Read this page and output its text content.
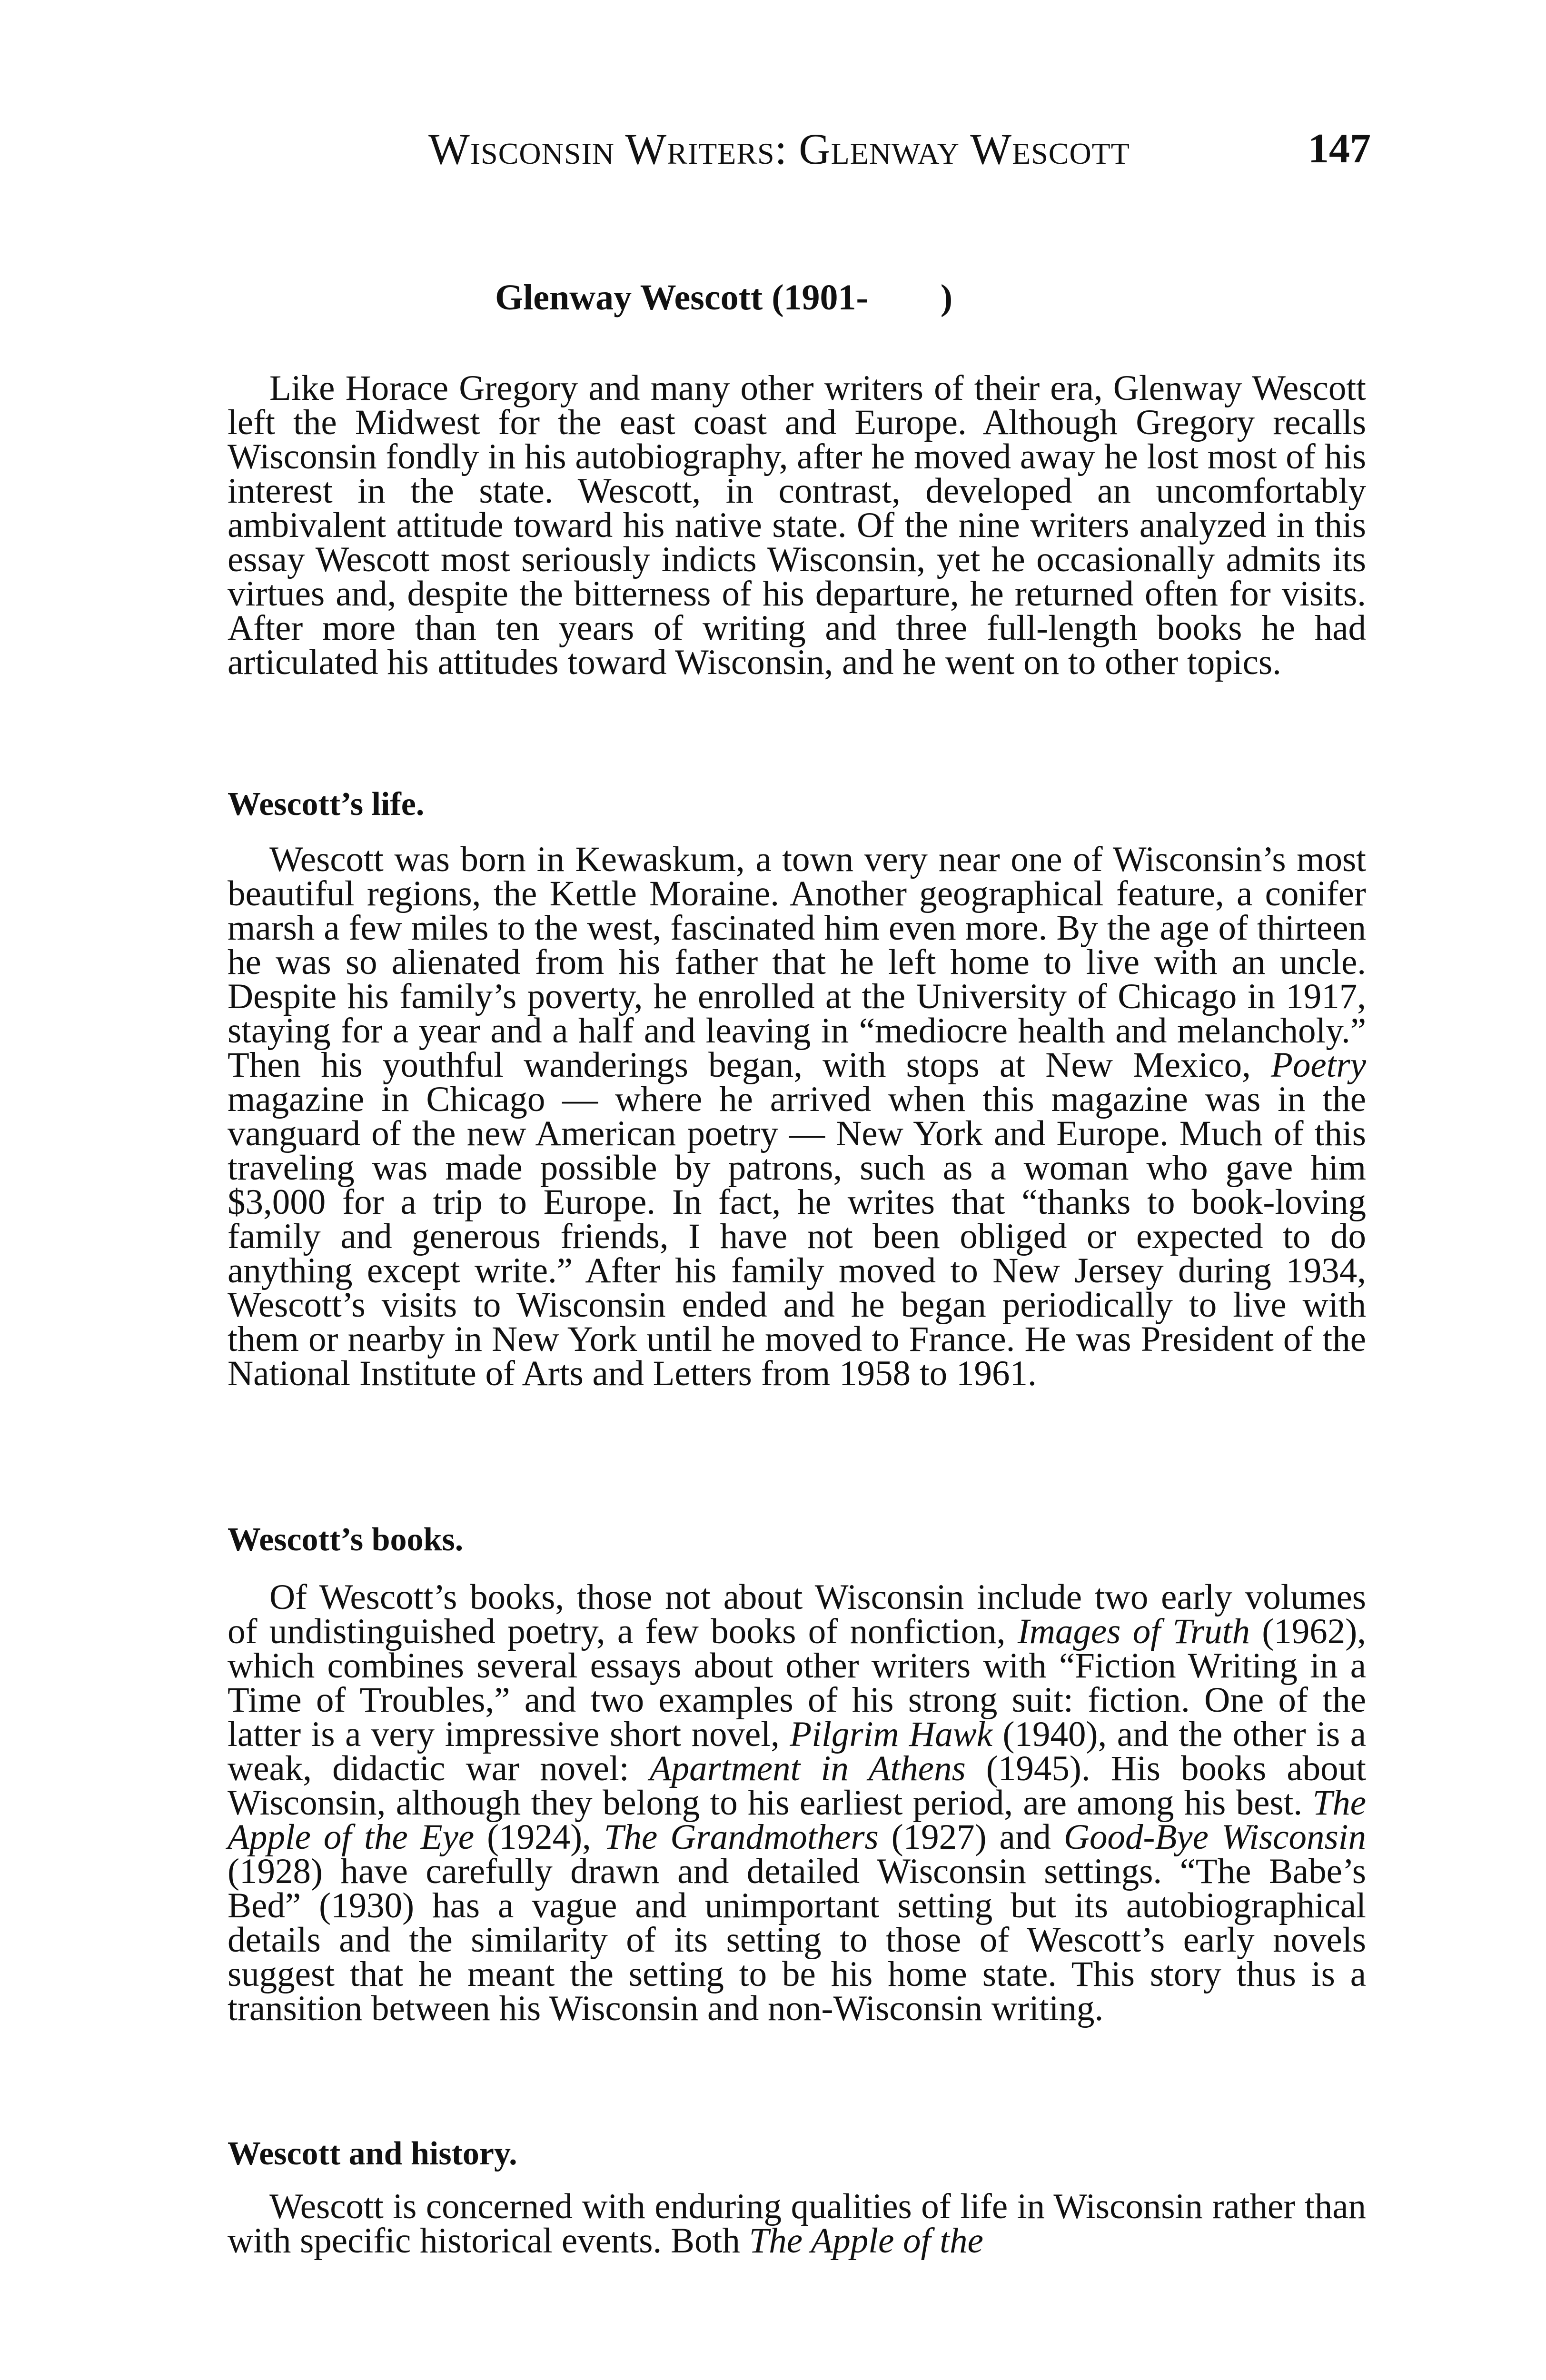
Wisconsin Writers: Glenway Wescott	147
Glenway Wescott (1901-        )

Like Horace Gregory and many other writers of their era, Glenway Wescott left the Midwest for the east coast and Europe. Although Gregory recalls Wisconsin fondly in his autobiography, after he moved away he lost most of his interest in the state. Wescott, in contrast, developed an uncomfortably ambivalent attitude toward his native state. Of the nine writers analyzed in this essay Wescott most seriously indicts Wisconsin, yet he occasionally admits its virtues and, despite the bitterness of his departure, he returned often for visits. After more than ten years of writing and three full-length books he had articulated his attitudes toward Wisconsin, and he went on to other topics.

Wescott’s life.

Wescott was born in Kewaskum, a town very near one of Wisconsin’s most beautiful regions, the Kettle Moraine. Another geographical feature, a conifer marsh a few miles to the west, fascinated him even more. By the age of thirteen he was so alienated from his father that he left home to live with an uncle. Despite his family’s poverty, he enrolled at the University of Chicago in 1917, staying for a year and a half and leaving in “mediocre health and melancholy.” Then his youthful wanderings began, with stops at New Mexico, Poetry magazine in Chicago — where he arrived when this magazine was in the vanguard of the new American poetry — New York and Europe. Much of this traveling was made possible by patrons, such as a woman who gave him $3,000 for a trip to Europe. In fact, he writes that “thanks to book-loving family and generous friends, I have not been obliged or expected to do anything except write.” After his family moved to New Jersey during 1934, Wescott’s visits to Wisconsin ended and he began periodically to live with them or nearby in New York until he moved to France. He was President of the National Institute of Arts and Letters from 1958 to 1961.

Wescott’s books.

Of Wescott’s books, those not about Wisconsin include two early volumes of undistinguished poetry, a few books of nonfiction, Images of Truth (1962), which combines several essays about other writers with “Fiction Writing in a Time of Troubles,” and two examples of his strong suit: fiction. One of the latter is a very impressive short novel, Pilgrim Hawk (1940), and the other is a weak, didactic war novel: Apartment in Athens (1945). His books about Wisconsin, although they belong to his earliest period, are among his best. The Apple of the Eye (1924), The Grandmothers (1927) and Good-Bye Wisconsin (1928) have carefully drawn and detailed Wisconsin settings. “The Babe’s Bed” (1930) has a vague and unimportant setting but its autobiographical details and the similarity of its setting to those of Wescott’s early novels suggest that he meant the setting to be his home state. This story thus is a transition between his Wisconsin and non-Wisconsin writing.

Wescott and history.

Wescott is concerned with enduring qualities of life in Wisconsin rather than with specific historical events. Both The Apple of the
